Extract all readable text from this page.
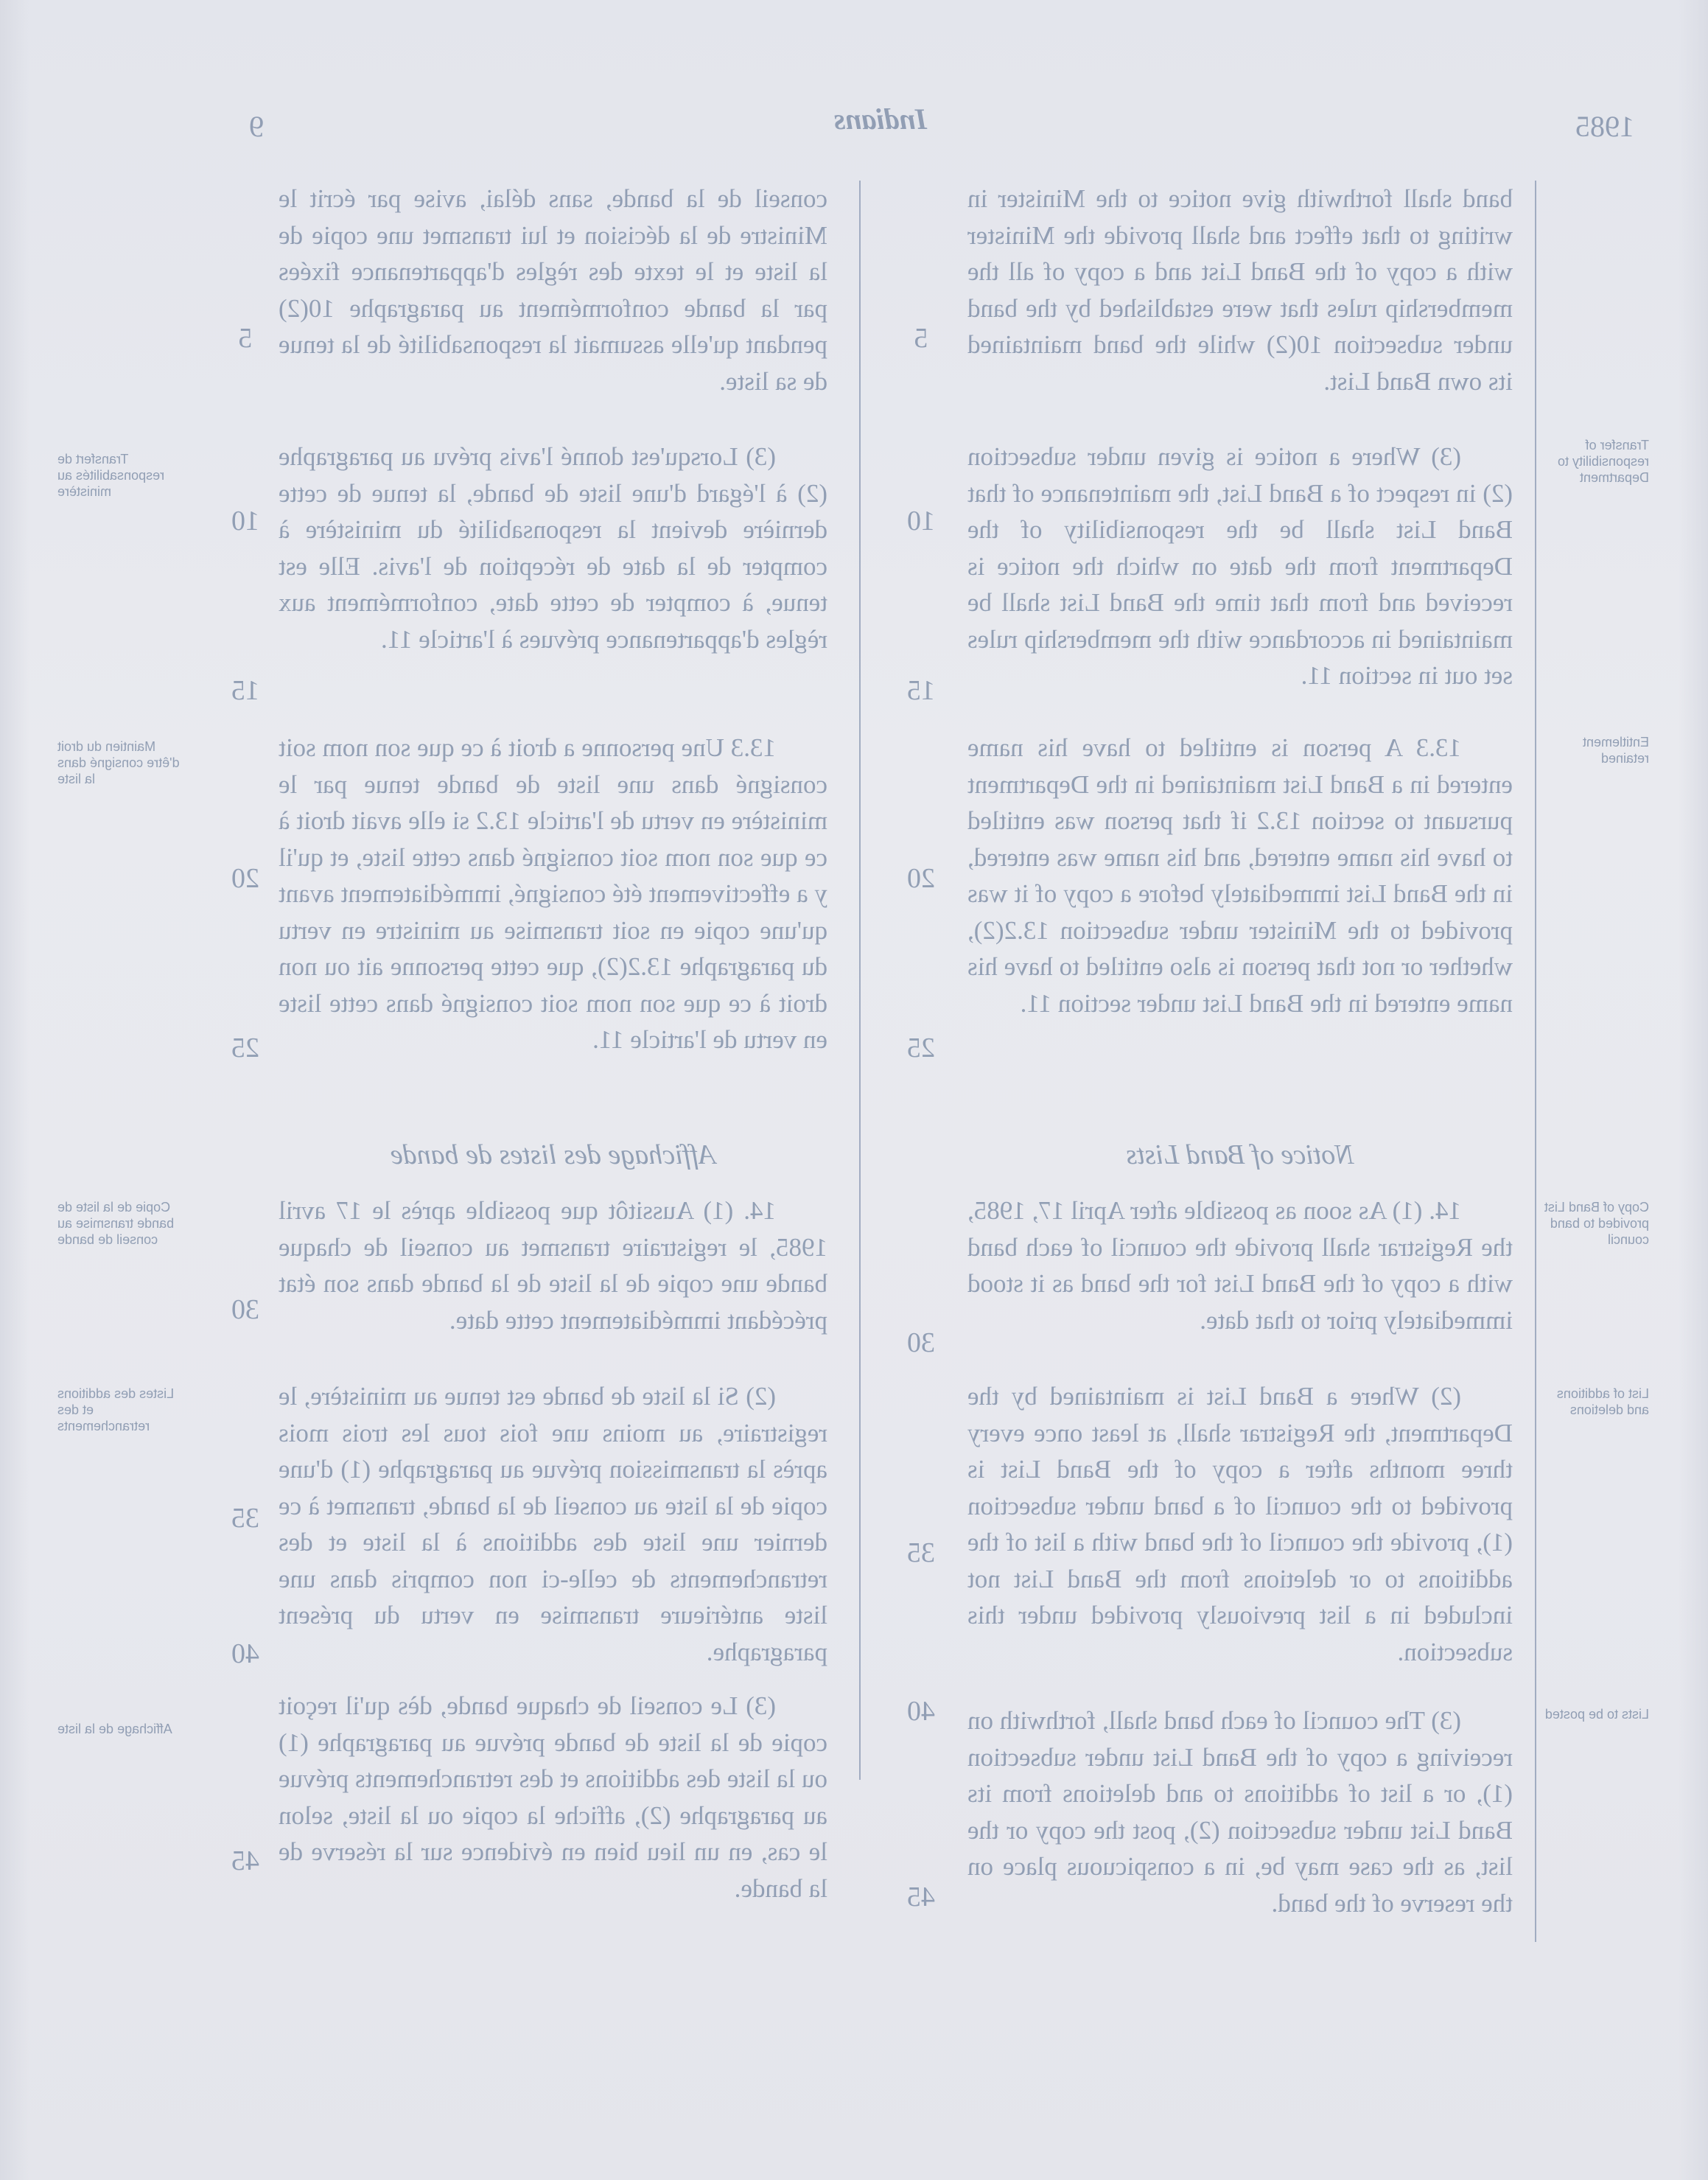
1985
Indians
9
Transfer of responsibility to Department
Entitlement retained
Copy of Band List provided to band council
List of additions and deletions
Lists to be posted

band shall forthwith give notice to the Minister in writing to that effect and shall provide the Minister with a copy of the Band List and a copy of all the membership rules that were established by the band under subsection 10(2) while the band maintained its own Band List.

(3) Where a notice is given under subsection (2) in respect of a Band List, the maintenance of that Band List shall be the responsibility of the Department from the date on which the notice is received and from that time the Band List shall be maintained in accordance with the membership rules set out in section 11.

13.3 A person is entitled to have his name entered in a Band List maintained in the Department pursuant to section 13.2 if that person was entitled to have his name entered, and his name was entered, in the Band List immediately before a copy of it was provided to the Minister under subsection 13.2(2), whether or not that person is also entitled to have his name entered in the Band List under section 11.

Notice of Band Lists

14. (1) As soon as possible after April 17, 1985, the Registrar shall provide the council of each band with a copy of the Band List for the band as it stood immediately prior to that date.

(2) Where a Band List is maintained by the Department, the Registrar shall, at least once every three months after a copy of the Band List is provided to the council of a band under subsection (1), provide the council of the band with a list of the additions to or deletions from the Band List not included in a list previously provided under this subsection.

(3) The council of each band shall, forthwith on receiving a copy of the Band List under subsection (1), or a list of additions to and deletions from its Band List under subsection (2), post the copy or the list, as the case may be, in a conspicuous place on the reserve of the band.

5
10
15
20
25
30
35
40
45

conseil de la bande, sans délai, avise par écrit le Ministre de la décision et lui transmet une copie de la liste et le texte des règles d'appartenance fixées par la bande conformément au paragraphe 10(2) pendant qu'elle assumait la responsabilité de la tenue de sa liste.

(3) Lorsqu'est donné l'avis prévu au paragraphe (2) à l'égard d'une liste de bande, la tenue de cette dernière devient la responsabilité du ministère à compter de la date de réception de l'avis. Elle est tenue, à compter de cette date, conformément aux règles d'appartenance prévues à l'article 11.

13.3 Une personne a droit à ce que son nom soit consigné dans une liste de bande tenue par le ministère en vertu de l'article 13.2 si elle avait droit à ce que son nom soit consigné dans cette liste, et qu'il y a effectivement été consigné, immédiatement avant qu'une copie en soit transmise au ministre en vertu du paragraphe 13.2(2), que cette personne ait ou non droit à ce que son nom soit consigné dans cette liste en vertu de l'article 11.

Affichage des listes de bande

14. (1) Aussitôt que possible après le 17 avril 1985, le registraire transmet au conseil de chaque bande une copie de la liste de la bande dans son état précédant immédiatement cette date.

(2) Si la liste de bande est tenue au ministère, le registraire, au moins une fois tous les trois mois après la transmission prévue au paragraphe (1) d'une copie de la liste au conseil de la bande, transmet à ce dernier une liste des additions à la liste et des retranchements de celle-ci non compris dans une liste antérieure transmise en vertu du présent paragraphe.

(3) Le conseil de chaque bande, dès qu'il reçoit copie de la liste de bande prévue au paragraphe (1) ou la liste des additions et des retranchements prévue au paragraphe (2), affiche la copie ou la liste, selon le cas, en un lieu bien en évidence sur la réserve de la bande.

5
10
15
20
25
30
35
40
45
Transfert de responsabilités au ministère
Maintien du droit d'être consigné dans la liste
Copie de la liste de bande transmise au conseil de bande
Listes des additions et des retranchements
Affichage de la liste
